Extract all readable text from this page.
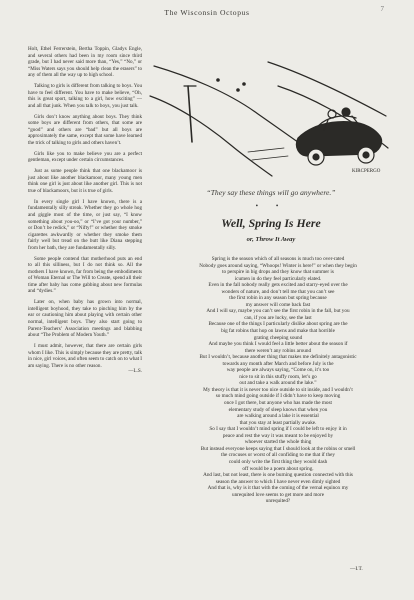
The Wisconsin Octopus	7

Holt, Ethel Ferrerstein, Bertha Toppin, Gladys Engle, and several others had been in my room since third grade, but I had never said more than, “Yes,” “No,” or “Miss Waters says you should help clean the erasers” to any of them all the way up to high school.

Talking to girls is different from talking to boys. You have to feel different. You have to make believe, “Oh, this is great sport, talking to a girl, how exciting” — and all that junk. When you talk to boys, you just talk.

Girls don’t know anything about boys. They think some boys are different from others, that some are “good” and others are “bad” but all boys are approximately the same, except that some have learned the trick of talking to girls and others haven’t.

Girls like you to make believe you are a perfect gentleman, except under certain circumstances.

Just as some people think that one blackamoor is just about like another blackamoor, many young men think one girl is just about like another girl. This is not true of blackamoors, but it is true of girls.

In every single girl I have known, there is a fundamentally silly streak. Whether they go whole hog and giggle most of the time, or just say, “I know something about you-oo,” or “I’ve got your number,” or Don’t be redick,” or “Nifty!” or whether they smoke cigarettes awkwardly or whether they smoke them fairly well but tread on the butt like Diana stepping from her bath, they are fundamentally silly.

Some people contend that motherhood puts an end to all this silliness, but I do not think so. All the mothers I have known, far from being the embodiments of Woman Eternal or The Will to Create, spend all their time after baby has come gabbing about new formulas and “dydies.”

Later on, when baby has grown into normal, intelligent boyhood, they take to pinching him by the ear or cautioning him about playing with certain other normal, intelligent boys. They also start going to Parent-Teachers’ Association meetings and blabbing about “The Problem of Modern Youth.”

I must admit, however, that there are certain girls whom I like. This is simply because they are pretty, talk in nice, girl voices, and often seem to catch on to what I am saying. There is no other reason.

—L.S.
KIRCPERGO
“They say these things will go anywhere.”
• •
Well, Spring Is Here
or, Throw It Away
Spring is the season which of all seasons is much too over-rated
Nobody goes around saying, “Whoops! Winter is here!” or when they begin
to perspire in big drops and they know that summer is
icumen in do they feel particularly elated.
Even in the fall nobody really gets excited and starry-eyed over the
wonders of nature, and don’t tell me that you can’t see
the first robin in any season but spring because
my answer will come back fast
And I will say, maybe you can’t see the first robin in the fall, but you
can, if you are lucky, see the last
Because one of the things I particularly dislike about spring are the
big fat robins that hop on lawns and make that horrible
grating cheeping sound
And maybe you think I would feel a little better about the season if
there weren’t any robins around
But I wouldn’t, because another thing that makes me definitely antagonistic
towards any month after March and before July is the
way people are always saying, “Come on, it’s too
nice to sit in this stuffy room, let’s go
out and take a walk around the lake.”
My theory is that it is never too nice outside to sit inside, and I wouldn’t
so much mind going outside if I didn’t have to keep moving
once I got there, but anyone who has made the most
elementary study of sleep knows that when you
are walking around a lake it is essential
that you stay at least partially awake.
So I say that I wouldn’t mind spring if I could be left to enjoy it in
peace and rest the way it was meant to be enjoyed by
whoever started the whole thing
But instead everyone keeps saying that I should look at the robins or smell
the crocuses or worst of all confiding to me that if they
could only write the first thing they would dash
off would be a poem about spring.
And last, but not least, there is one burning question connected with this
season the answer to which I have never even dimly sighted
And that is, why is it that with the coming of the vernal equinox my
unrequited love seems to get more and more
unrequited?
—I.T.
